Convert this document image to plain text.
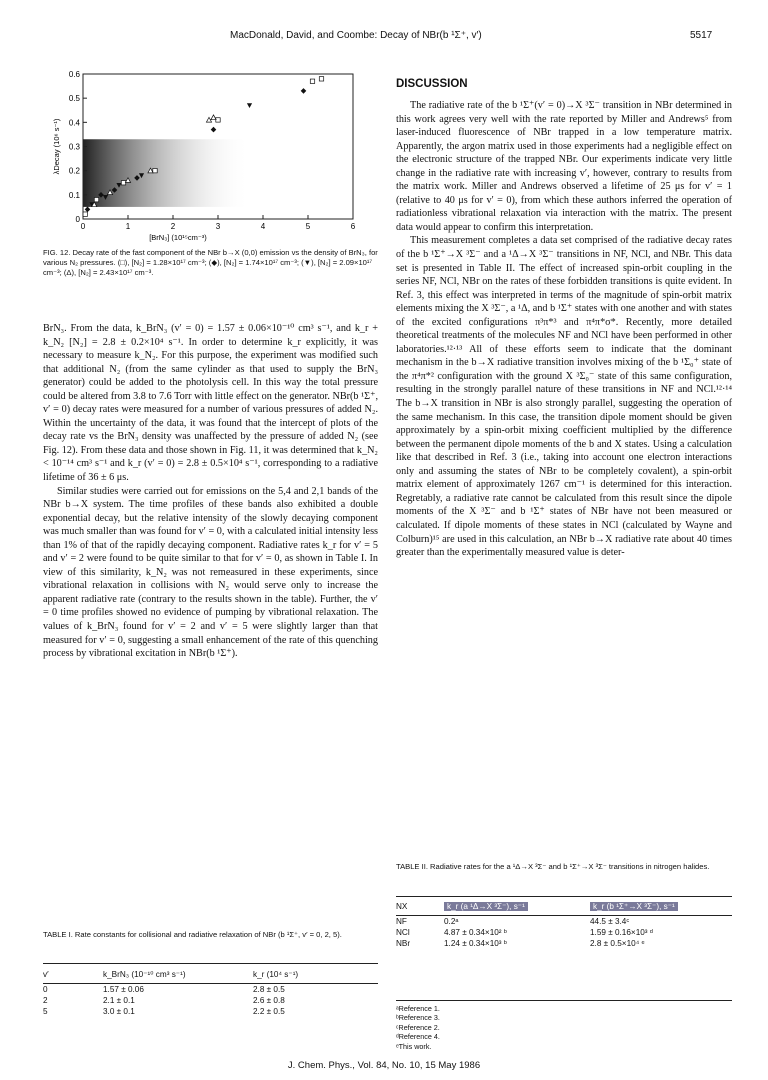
MacDonald, David, and Coombe: Decay of NBr(b ¹Σ⁺, v′)	5517
0	1	2	3	4	5	6
0
0.1
0.2
0.3
0.4
0.5
0.6
[BrN₃] (10¹⁵cm⁻³)
λDecay (10⁶ s⁻¹)
FIG. 12. Decay rate of the fast component of the NBr b→X (0,0) emission vs the density of BrN₃, for various N₂ pressures. (□), [N₂] = 1.28×10¹⁷ cm⁻³; (◆), [N₂] = 1.74×10¹⁷ cm⁻³; (▼), [N₂] = 2.09×10¹⁷ cm⁻³; (Δ), [N₂] = 2.43×10¹⁷ cm⁻³.

BrN₃. From the data, k_BrN₃ (v′ = 0) = 1.57 ± 0.06×10⁻¹⁰ cm³ s⁻¹, and k_r + k_N₂ [N₂] = 2.8 ± 0.2×10⁴ s⁻¹. In order to determine k_r explicitly, it was necessary to measure k_N₂. For this purpose, the experiment was modified such that additional N₂ (from the same cylinder as that used to supply the BrN₃ generator) could be added to the photolysis cell. In this way the total pressure could be altered from 3.8 to 7.6 Torr with little effect on the generator. NBr(b ¹Σ⁺, v′ = 0) decay rates were measured for a number of various pressures of added N₂. Within the uncertainty of the data, it was found that the intercept of plots of the decay rate vs the BrN₃ density was unaffected by the pressure of added N₂ (see Fig. 12). From these data and those shown in Fig. 11, it was determined that k_N₂ < 10⁻¹⁴ cm³ s⁻¹ and k_r (v′ = 0) = 2.8 ± 0.5×10⁴ s⁻¹, corresponding to a radiative lifetime of 36 ± 6 μs.

Similar studies were carried out for emissions on the 5,4 and 2,1 bands of the NBr b→X system. The time profiles of these bands also exhibited a double exponential decay, but the relative intensity of the slowly decaying component was much smaller than was found for v′ = 0, with a calculated initial intensity less than 1% of that of the rapidly decaying component. Radiative rates k_r for v′ = 5 and v′ = 2 were found to be quite similar to that for v′ = 0, as shown in Table I. In view of this similarity, k_N₂ was not remeasured in these experiments, since vibrational relaxation in collisions with N₂ would serve only to increase the apparent radiative rate (contrary to the results shown in the table). Further, the v′ = 0 time profiles showed no evidence of pumping by vibrational relaxation. The values of k_BrN₃ found for v′ = 2 and v′ = 5 were slightly larger than that measured for v′ = 0, suggesting a small enhancement of the rate of this quenching process by vibrational excitation in NBr(b ¹Σ⁺).

TABLE I. Rate constants for collisional and radiative relaxation of NBr (b ¹Σ⁺, v′ = 0, 2, 5).
v′	k_BrN₃ (10⁻¹⁰ cm³ s⁻¹)	k_r (10⁴ s⁻¹)
0	1.57 ± 0.06	2.8 ± 0.5
2	2.1 ± 0.1	2.6 ± 0.8
5	3.0 ± 0.1	2.2 ± 0.5
DISCUSSION

The radiative rate of the b ¹Σ⁺(v′ = 0)→X ³Σ⁻ transition in NBr determined in this work agrees very well with the rate reported by Miller and Andrews⁵ from laser-induced fluorescence of NBr trapped in a low temperature matrix. Apparently, the argon matrix used in those experiments had a negligible effect on the electronic structure of the trapped NBr. Our experiments indicate very little change in the radiative rate with increasing v′, however, contrary to results from the matrix work. Miller and Andrews observed a lifetime of 25 μs for v′ = 1 (relative to 40 μs for v′ = 0), from which these authors inferred the operation of radiationless vibrational relaxation via interaction with the matrix. The present data would appear to confirm this interpretation.

This measurement completes a data set comprised of the radiative decay rates of the b ¹Σ⁺→X ³Σ⁻ and a ¹Δ→X ³Σ⁻ transitions in NF, NCl, and NBr. This data set is presented in Table II. The effect of increased spin-orbit coupling in the series NF, NCl, NBr on the rates of these forbidden transitions is quite evident. In Ref. 3, this effect was interpreted in terms of the magnitude of spin-orbit matrix elements mixing the X ³Σ⁻, a ¹Δ, and b ¹Σ⁺ states with one another and with states of the excited configurations π³π*³ and π⁴π*σ*. Recently, more detailed theoretical treatments of the molecules NF and NCl have been performed in other laboratories.¹²·¹³ All of these efforts seem to indicate that the dominant mechanism in the b→X radiative transition involves mixing of the b ¹Σ₀⁺ state of the π⁴π*² configuration with the ground X ³Σ₀⁻ state of this same configuration, resulting in the strongly parallel nature of these transitions in NF and NCl.¹²·¹⁴ The b→X transition in NBr is also strongly parallel, suggesting the operation of the same mechanism. In this case, the transition dipole moment should be given approximately by a spin-orbit mixing coefficient multiplied by the difference between the permanent dipole moments of the b and X states. Using a calculation like that described in Ref. 3 (i.e., taking into account one electron interactions only and assuming the states of NBr to be completely covalent), a spin-orbit matrix element of approximately 1267 cm⁻¹ is determined for this interaction. Regretably, a radiative rate cannot be calculated from this result since the dipole moments of the X ³Σ⁻ and b ¹Σ⁺ states of NBr have not been measured or calculated. If dipole moments of these states in NCl (calculated by Wayne and Colburn)¹⁵ are used in this calculation, an NBr b→X radiative rate about 40 times greater than the experimentally measured value is deter-

TABLE II. Radiative rates for the a ¹Δ→X ³Σ⁻ and b ¹Σ⁺→X ³Σ⁻ transitions in nitrogen halides.
NX	k_r (a ¹Δ→X ³Σ⁻), s⁻¹	k_r (b ¹Σ⁺→X ³Σ⁻), s⁻¹
NF	0.2ᵃ	44.5 ± 3.4ᶜ
NCl	4.87 ± 0.34×10² ᵇ	1.59 ± 0.16×10³ ᵈ
NBr	1.24 ± 0.34×10³ ᵇ	2.8 ± 0.5×10⁴ ᵉ
ᵃReference 1.
ᵇReference 3.
ᶜReference 2.
ᵈReference 4.
ᵉThis work.
J. Chem. Phys., Vol. 84, No. 10, 15 May 1986
